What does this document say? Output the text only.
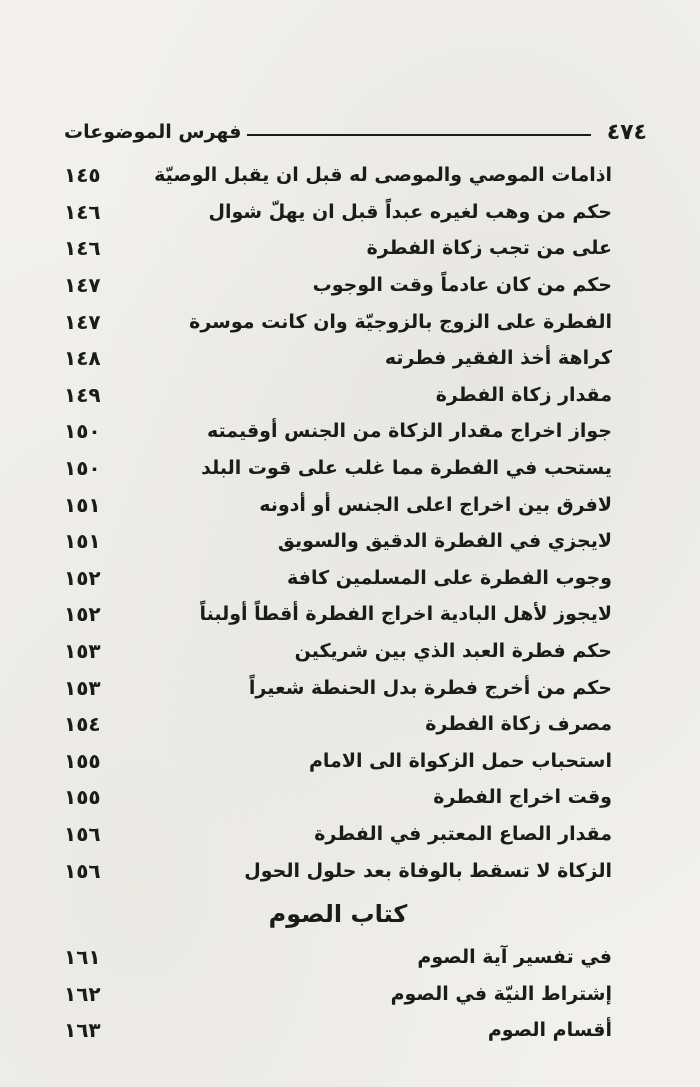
٤٧٤
فهرس الموضوعات
اذامات الموصي والموصى له قبل ان يقبل الوصيّة
١٤٥
حكم من وهب لغيره عبداً قبل ان يهلّ شوال
١٤٦
على من تجب زكاة الفطرة
١٤٦
حكم من كان عادماً وقت الوجوب
١٤٧
الفطرة على الزوج بالزوجيّة وان كانت موسرة
١٤٧
كراهة أخذ الفقير فطرته
١٤٨
مقدار زكاة الفطرة
١٤٩
جواز اخراج مقدار الزكاة من الجنس أوقيمته
١٥٠
يستحب في الفطرة مما غلب على قوت البلد
١٥٠
لافرق بين اخراج اعلى الجنس أو أدونه
١٥١
لايجزي في الفطرة الدقيق والسويق
١٥١
وجوب الفطرة على المسلمين كافة
١٥٢
لايجوز لأهل البادية اخراج الفطرة أقطاً أولبناً
١٥٢
حكم فطرة العبد الذي بين شريكين
١٥٣
حكم من أخرج فطرة بدل الحنطة شعيراً
١٥٣
مصرف زكاة الفطرة
١٥٤
استحباب حمل الزكواة الى الامام
١٥٥
وقت اخراج الفطرة
١٥٥
مقدار الصاع المعتبر في الفطرة
١٥٦
الزكاة لا تسقط بالوفاة بعد حلول الحول
١٥٦
كتاب الصوم
في تفسير آية الصوم
١٦١
إشتراط النيّة في الصوم
١٦٢
أقسام الصوم
١٦٣
